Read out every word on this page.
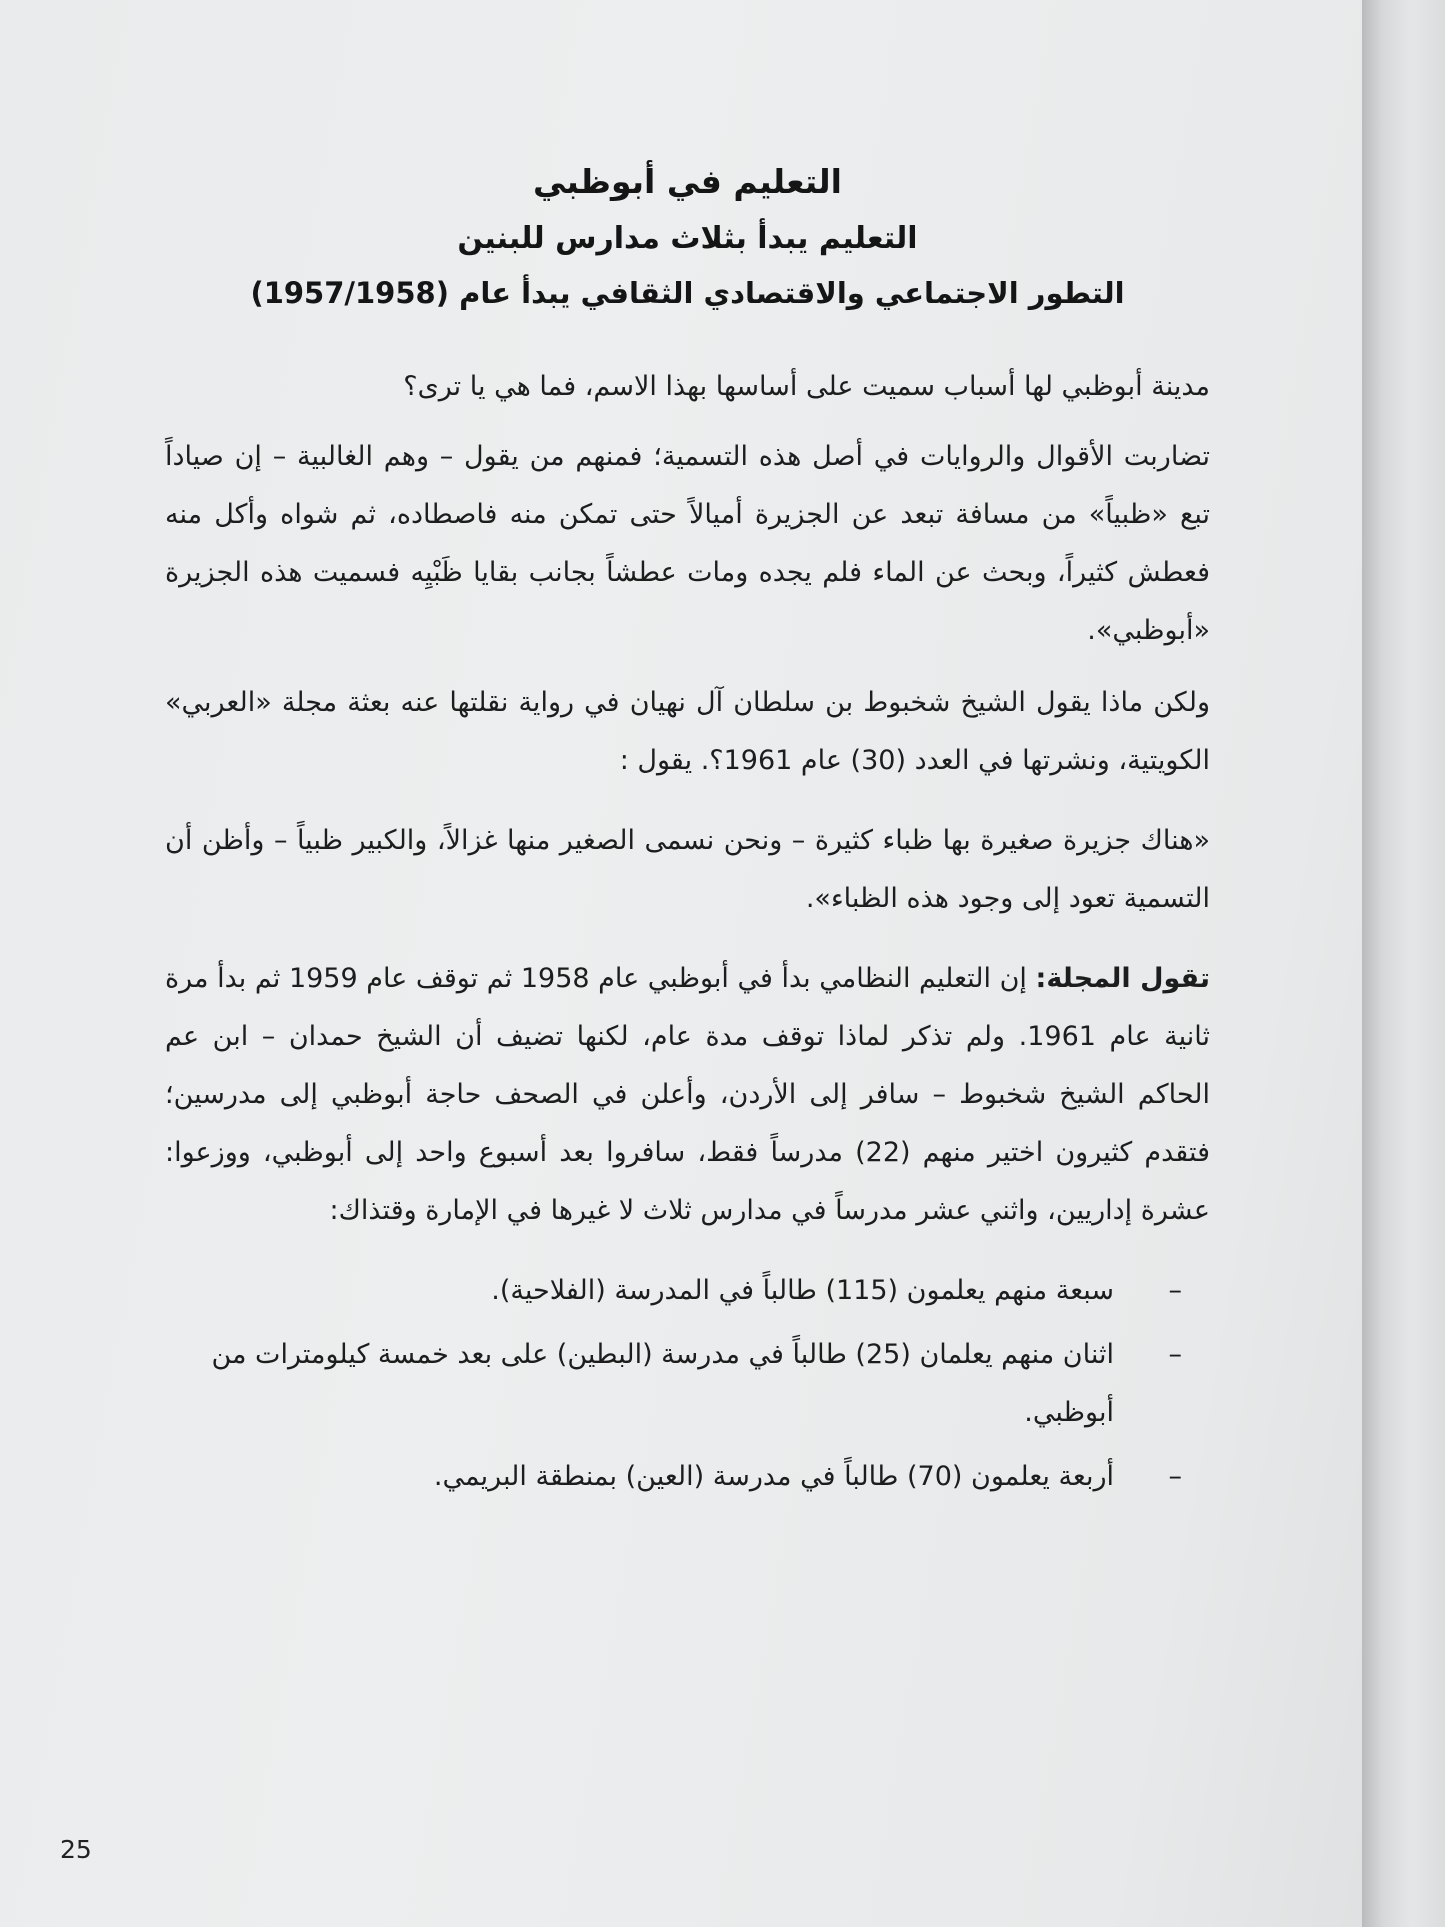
التعليم في أبوظبي
التعليم يبدأ بثلاث مدارس للبنين
التطور الاجتماعي والاقتصادي الثقافي يبدأ عام (1957/1958)

مدينة أبوظبي لها أسباب سميت على أساسها بهذا الاسم، فما هي يا ترى؟

تضاربت الأقوال والروايات في أصل هذه التسمية؛ فمنهم من يقول – وهم الغالبية – إن صياداً تبع «ظبياً» من مسافة تبعد عن الجزيرة أميالاً حتى تمكن منه فاصطاده، ثم شواه وأكل منه فعطش كثيراً، وبحث عن الماء فلم يجده ومات عطشاً بجانب بقايا ظَبْيِه فسميت هذه الجزيرة «أبوظبي».

ولكن ماذا يقول الشيخ شخبوط بن سلطان آل نهيان في رواية نقلتها عنه بعثة مجلة «العربي» الكويتية، ونشرتها في العدد (30) عام 1961؟. يقول :

«هناك جزيرة صغيرة بها ظباء كثيرة – ونحن نسمى الصغير منها غزالاً، والكبير ظبياً – وأظن أن التسمية تعود إلى وجود هذه الظباء».

تقول المجلة: إن التعليم النظامي بدأ في أبوظبي عام 1958 ثم توقف عام 1959 ثم بدأ مرة ثانية عام 1961. ولم تذكر لماذا توقف مدة عام، لكنها تضيف أن الشيخ حمدان – ابن عم الحاكم الشيخ شخبوط – سافر إلى الأردن، وأعلن في الصحف حاجة أبوظبي إلى مدرسين؛ فتقدم كثيرون اختير منهم (22) مدرساً فقط، سافروا بعد أسبوع واحد إلى أبوظبي، ووزعوا: عشرة إداريين، واثني عشر مدرساً في مدارس ثلاث لا غيرها في الإمارة وقتذاك:

–
سبعة منهم يعلمون (115) طالباً في المدرسة (الفلاحية).
–
اثنان منهم يعلمان (25) طالباً في مدرسة (البطين) على بعد خمسة كيلومترات من أبوظبي.
–
أربعة يعلمون (70) طالباً في مدرسة (العين) بمنطقة البريمي.
25
